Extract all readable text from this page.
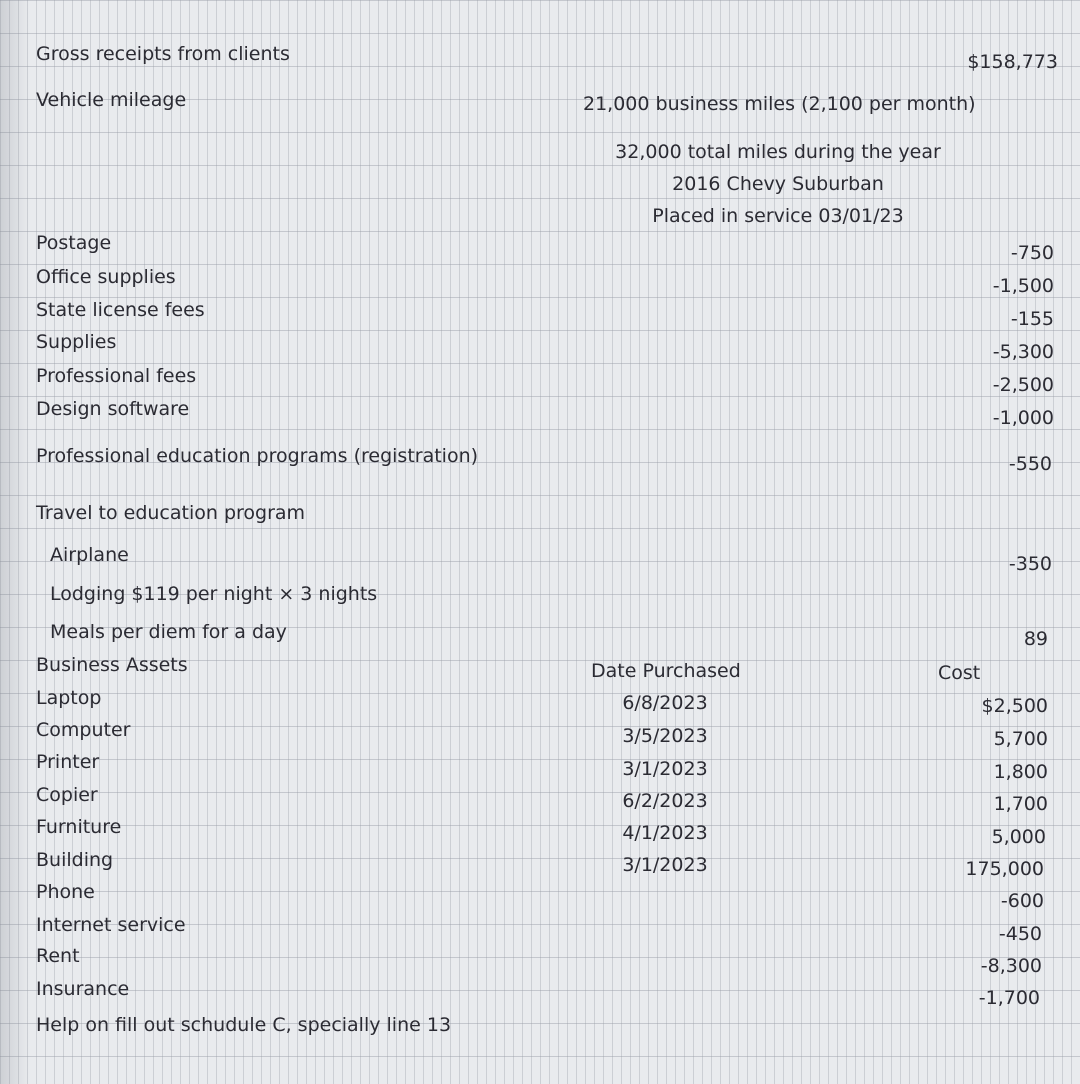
Gross receipts from clients	$158,773
Vehicle mileage	21,000 business miles (2,100 per month)
32,000 total miles during the year
2016 Chevy Suburban
Placed in service 03/01/23
Postage	-750
Office supplies	-1,500
State license fees	-155
Supplies	-5,300
Professional fees	-2,500
Design software	-1,000
Professional education programs (registration)	-550
Travel to education program
Airplane	-350
Lodging $119 per night × 3 nights
Meals per diem for a day	89
Business Assets	Date Purchased	Cost
Laptop	6/8/2023	$2,500
Computer	3/5/2023	5,700
Printer	3/1/2023	1,800
Copier	6/2/2023	1,700
Furniture	4/1/2023	5,000
Building	3/1/2023	175,000
Phone	-600
Internet service	-450
Rent	-8,300
Insurance	-1,700
Help on fill out schudule C, specially line 13
